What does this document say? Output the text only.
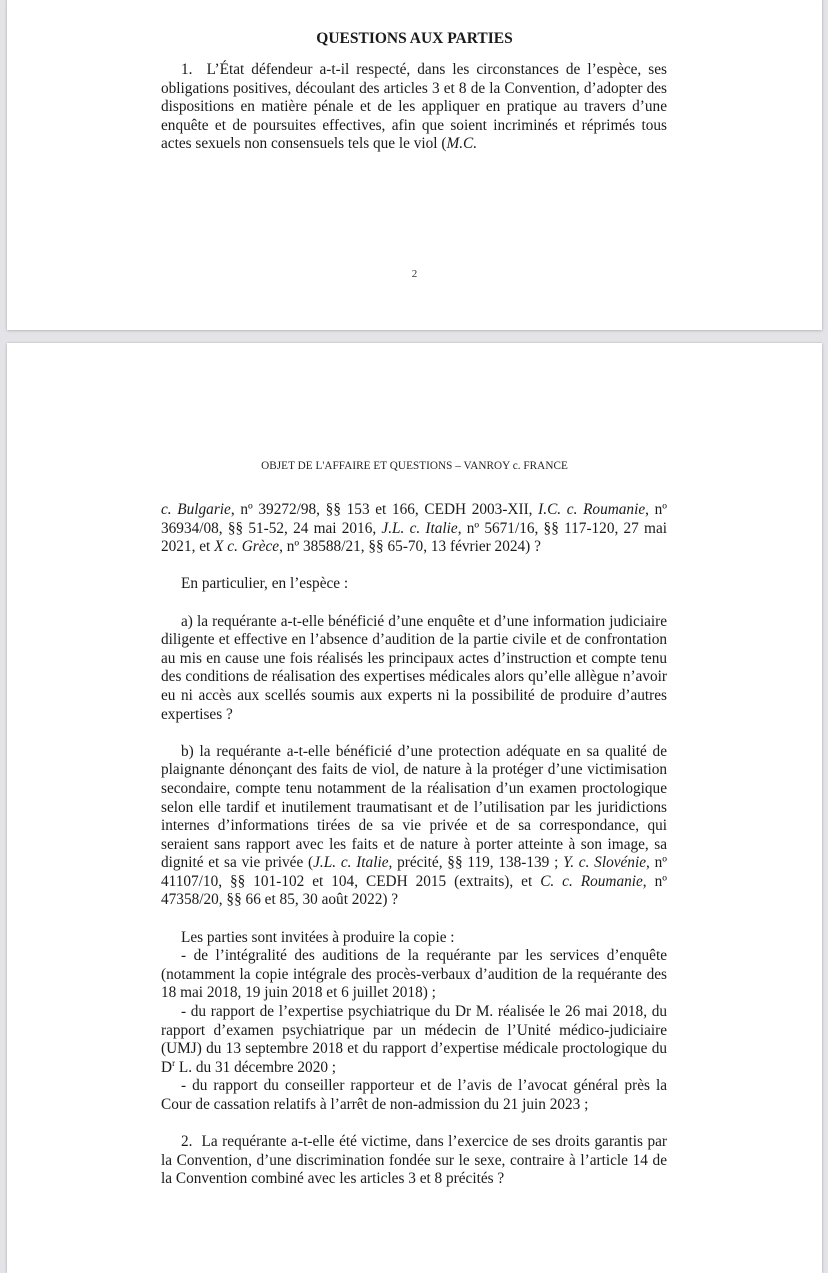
QUESTIONS AUX PARTIES

1. L’État défendeur a-t-il respecté, dans les circonstances de l’espèce, ses obligations positives, découlant des articles 3 et 8 de la Convention, d’adopter des dispositions en matière pénale et de les appliquer en pratique au travers d’une enquête et de poursuites effectives, afin que soient incriminés et réprimés tous actes sexuels non consensuels tels que le viol (M.C.

2
OBJET DE L'AFFAIRE ET QUESTIONS – VANROY c. FRANCE

c. Bulgarie, nº 39272/98, §§ 153 et 166, CEDH 2003-XII, I.C. c. Roumanie, nº 36934/08, §§ 51-52, 24 mai 2016, J.L. c. Italie, nº 5671/16, §§ 117-120, 27 mai 2021, et X c. Grèce, nº 38588/21, §§ 65-70, 13 février 2024) ?

En particulier, en l’espèce :

a) la requérante a-t-elle bénéficié d’une enquête et d’une information judiciaire diligente et effective en l’absence d’audition de la partie civile et de confrontation au mis en cause une fois réalisés les principaux actes d’instruction et compte tenu des conditions de réalisation des expertises médicales alors qu’elle allègue n’avoir eu ni accès aux scellés soumis aux experts ni la possibilité de produire d’autres expertises ?

b) la requérante a-t-elle bénéficié d’une protection adéquate en sa qualité de plaignante dénonçant des faits de viol, de nature à la protéger d’une victimisation secondaire, compte tenu notamment de la réalisation d’un examen proctologique selon elle tardif et inutilement traumatisant et de l’utilisation par les juridictions internes d’informations tirées de sa vie privée et de sa correspondance, qui seraient sans rapport avec les faits et de nature à porter atteinte à son image, sa dignité et sa vie privée (J.L. c. Italie, précité, §§ 119, 138-139 ; Y. c. Slovénie, nº 41107/10, §§ 101-102 et 104, CEDH 2015 (extraits), et C. c. Roumanie, nº 47358/20, §§ 66 et 85, 30 août 2022) ?

Les parties sont invitées à produire la copie :

- de l’intégralité des auditions de la requérante par les services d’enquête (notamment la copie intégrale des procès-verbaux d’audition de la requérante des 18 mai 2018, 19 juin 2018 et 6 juillet 2018) ;

- du rapport de l’expertise psychiatrique du Dr M. réalisée le 26 mai 2018, du rapport d’examen psychiatrique par un médecin de l’Unité médico-judiciaire (UMJ) du 13 septembre 2018 et du rapport d’expertise médicale proctologique du $D^r$ L. du 31 décembre 2020 ;

- du rapport du conseiller rapporteur et de l’avis de l’avocat général près la Cour de cassation relatifs à l’arrêt de non-admission du 21 juin 2023 ;

2. La requérante a-t-elle été victime, dans l’exercice de ses droits garantis par la Convention, d’une discrimination fondée sur le sexe, contraire à l’article 14 de la Convention combiné avec les articles 3 et 8 précités ?
